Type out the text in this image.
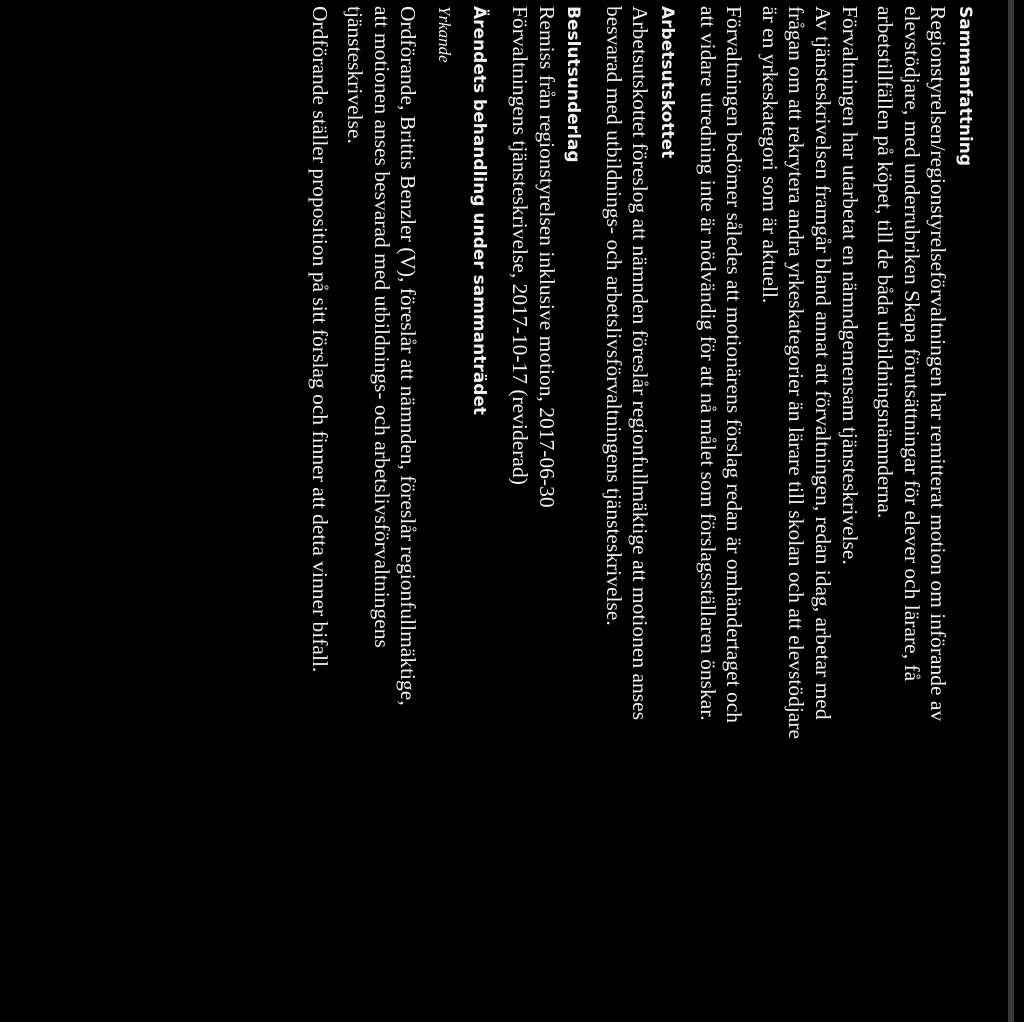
Sammanfattning

Regionstyrelsen/regionstyrelseförvaltningen har remitterat motion om införande av
elevstödjare, med underrubriken Skapa förutsättningar för elever och lärare, få
arbetstillfällen på köpet, till de båda utbildningsnämnderna.

Förvaltningen har utarbetat en nämndgemensam tjänsteskrivelse.
Av tjänsteskrivelsen framgår bland annat att förvaltningen, redan idag, arbetar med
frågan om att rekrytera andra yrkeskategorier än lärare till skolan och att elevstödjare
är en yrkeskategori som är aktuell.

Förvaltningen bedömer således att motionärens förslag redan är omhändertaget och
att vidare utredning inte är nödvändig för att nå målet som förslagsställaren önskar.

Arbetsutskottet

Arbetsutskottet föreslog att nämnden föreslår regionfullmäktige att motionen anses
besvarad med utbildnings- och arbetslivsförvaltningens tjänsteskrivelse.

Beslutsunderlag

Remiss från regionstyrelsen inklusive motion, 2017-06-30
Förvaltningens tjänsteskrivelse, 2017-10-17 (reviderad)

Ärendets behandling under sammanträdet

Yrkande

Ordförande, Brittis Benzler (V), föreslår att nämnden, föreslår regionfullmäktige,
att motionen anses besvarad med utbildnings- och arbetslivsförvaltningens
tjänsteskrivelse.

Ordförande ställer proposition på sitt förslag och finner att detta vinner bifall.
